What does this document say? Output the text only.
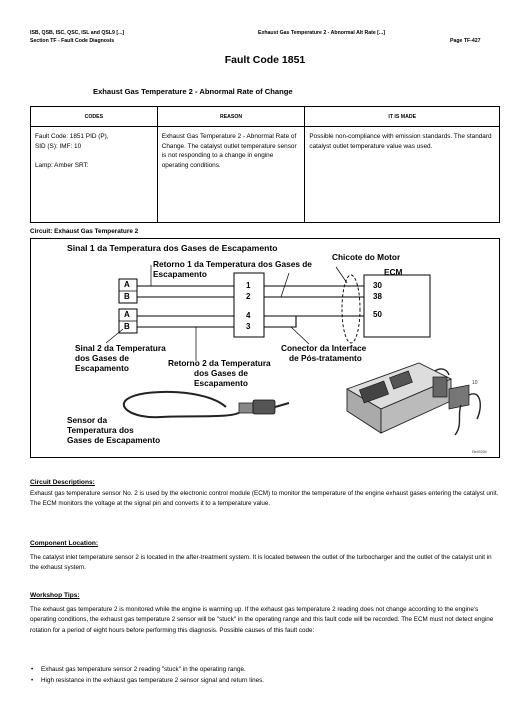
ISB, QSB, ISC, QSC, ISL and QSL9 [...]
Section TF - Fault Code Diagnosis
Exhaust Gas Temperature 2 - Abnormal Alt Rate [...]
Page TF-427
Fault Code 1851
Exhaust Gas Temperature 2 - Abnormal Rate of Change
CODES	REASON	IT IS MADE

Fault Code: 1851 PID (P),
SID (S): IMF: 10
Lamp: Amber SRT:	Exhaust Gas Temperature 2 - Abnormal Rate of Change. The catalyst outlet temperature sensor is not responding to a change in engine operating conditions.	Possible non-compliance with emission standards. The standard catalyst outlet temperature value was used.
Circuit: Exhaust Gas Temperature 2
Sinal 1 da Temperatura dos Gases de Escapamento
Retorno 1 da Temperatura dos Gases de
Escapamento
Chicote do Motor
ECM
A
B
A
B
1
2
4
3
30
38
50
Sinal 2 da Temperatura
dos Gases de
Escapamento	Retorno 2 da Temperatura
dos Gases de
Escapamento
Conector da Interface
de Pós-tratamento
Sensor da
Temperatura dos
Gases de Escapamento
f3e0020b
10
Circuit Descriptions:
Exhaust gas temperature sensor No. 2 is used by the electronic control module (ECM) to monitor the temperature of the engine exhaust gases entering the catalyst unit. The ECM monitors the voltage at the signal pin and converts it to a temperature value.
Component Location:
The catalyst inlet temperature sensor 2 is located in the after-treatment system. It is located between the outlet of the turbocharger and the outlet of the catalyst unit in the exhaust system.
Workshop Tips:
The exhaust gas temperature 2 is monitored while the engine is warming up. If the exhaust gas temperature 2 reading does not change according to the engine's operating conditions, the exhaust gas temperature 2 sensor will be "stuck" in the operating range and this fault code will be recorded. The ECM must not detect engine rotation for a period of eight hours before performing this diagnosis. Possible causes of this fault code:
• Exhaust gas temperature sensor 2 reading "stuck" in the operating range.
• High resistance in the exhaust gas temperature 2 sensor signal and return lines.
